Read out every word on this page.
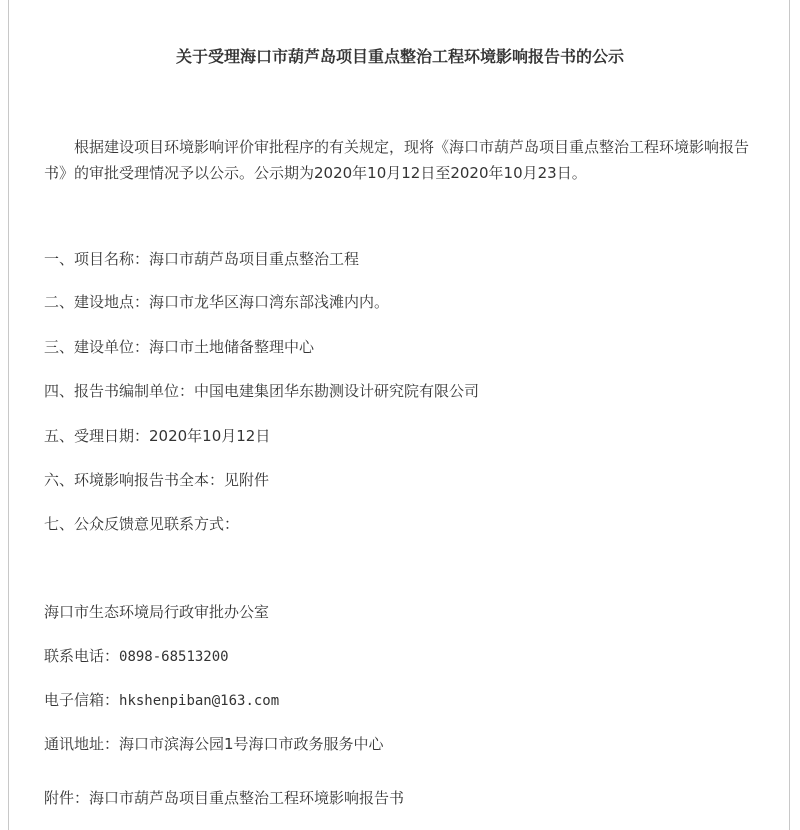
关于受理海口市葫芦岛项目重点整治工程环境影响报告书的公示

根据建设项目环境影响评价审批程序的有关规定，现将《海口市葫芦岛项目重点整治工程环境影响报告书》的审批受理情况予以公示。公示期为2020年10月12日至2020年10月23日。

一、项目名称：海口市葫芦岛项目重点整治工程
二、建设地点：海口市龙华区海口湾东部浅滩内内。
三、建设单位：海口市土地储备整理中心
四、报告书编制单位：中国电建集团华东勘测设计研究院有限公司
五、受理日期：2020年10月12日
六、环境影响报告书全本：见附件
七、公众反馈意见联系方式：
海口市生态环境局行政审批办公室
联系电话：0898-68513200
电子信箱：hkshenpiban@163.com
通讯地址：海口市滨海公园1号海口市政务服务中心
附件：海口市葫芦岛项目重点整治工程环境影响报告书
